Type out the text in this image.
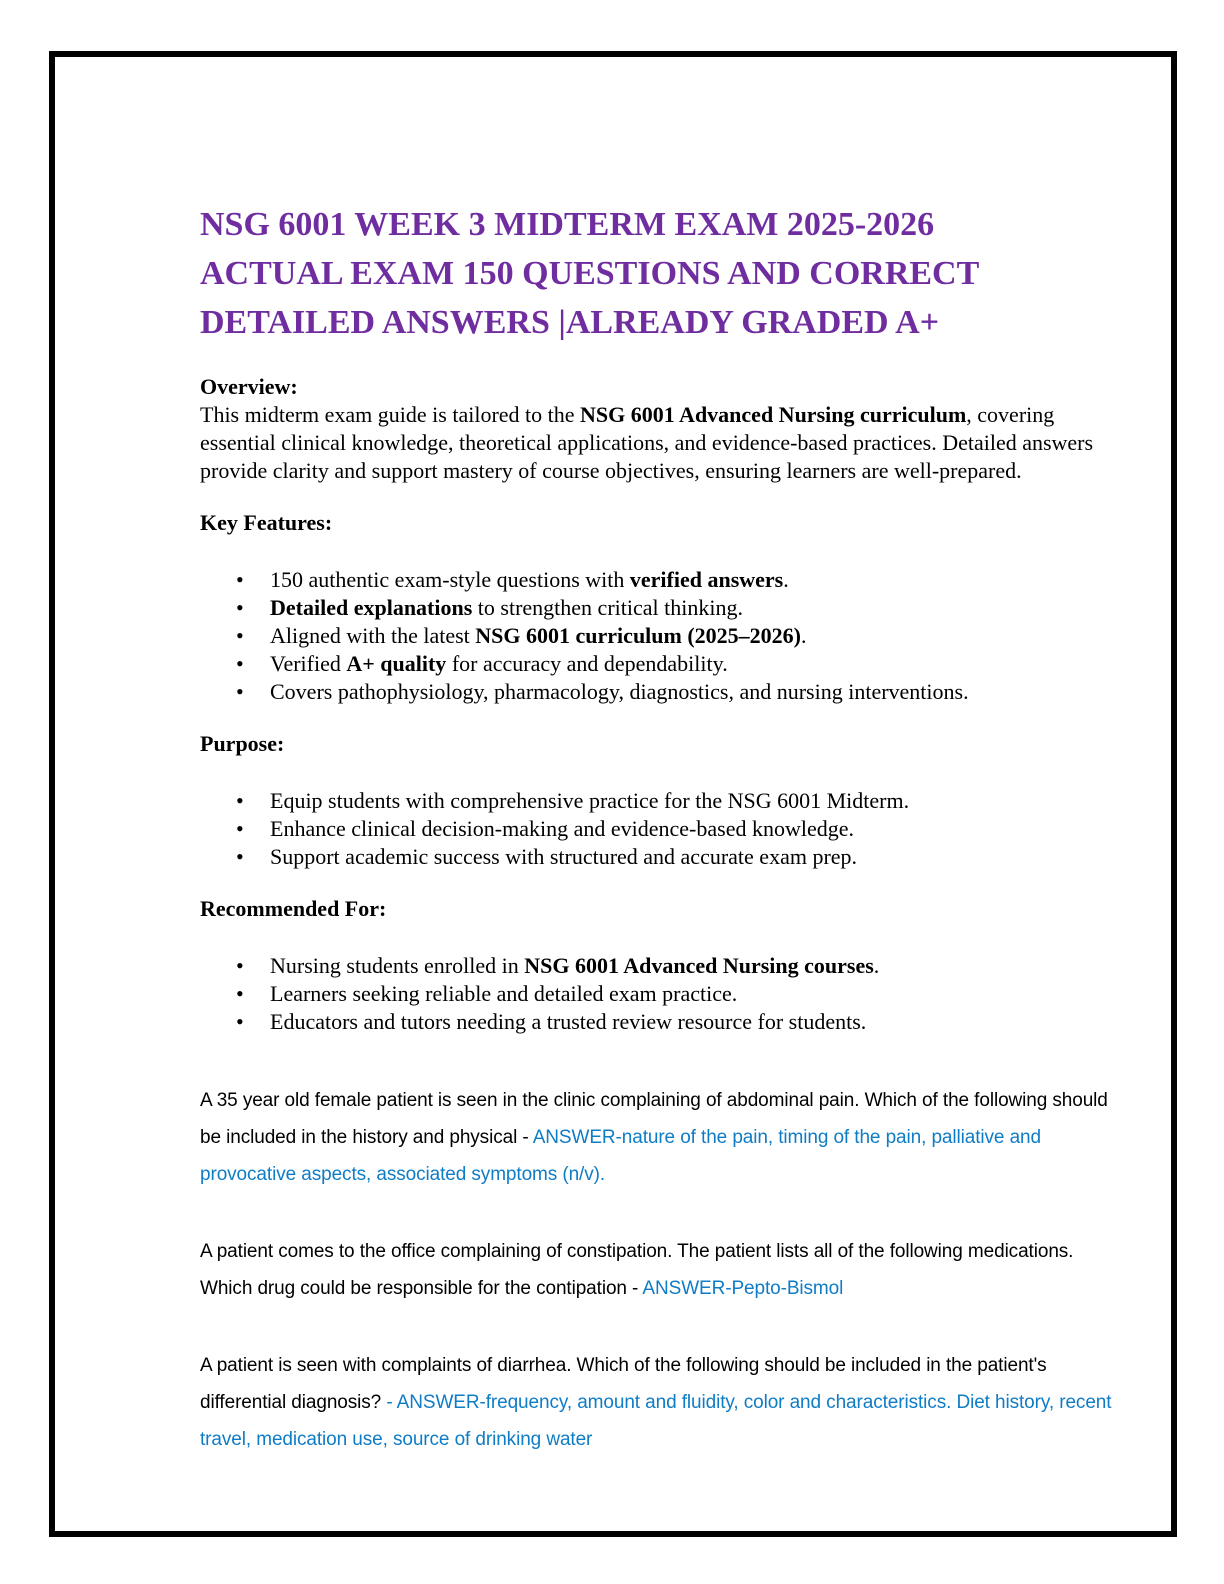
NSG 6001 WEEK 3 MIDTERM EXAM 2025-2026
ACTUAL EXAM 150 QUESTIONS AND CORRECT
DETAILED ANSWERS |ALREADY GRADED A+
Overview:

This midterm exam guide is tailored to the NSG 6001 Advanced Nursing curriculum, covering essential clinical knowledge, theoretical applications, and evidence-based practices. Detailed answers provide clarity and support mastery of course objectives, ensuring learners are well-prepared.

Key Features:
• 150 authentic exam-style questions with verified answers.
• Detailed explanations to strengthen critical thinking.
• Aligned with the latest NSG 6001 curriculum (2025–2026).
• Verified A+ quality for accuracy and dependability.
• Covers pathophysiology, pharmacology, diagnostics, and nursing interventions.
Purpose:
• Equip students with comprehensive practice for the NSG 6001 Midterm.
• Enhance clinical decision-making and evidence-based knowledge.
• Support academic success with structured and accurate exam prep.
Recommended For:
• Nursing students enrolled in NSG 6001 Advanced Nursing courses.
• Learners seeking reliable and detailed exam practice.
• Educators and tutors needing a trusted review resource for students.

A 35 year old female patient is seen in the clinic complaining of abdominal pain. Which of the following should be included in the history and physical - ANSWER-nature of the pain, timing of the pain, palliative and provocative aspects, associated symptoms (n/v).

A patient comes to the office complaining of constipation. The patient lists all of the following medications. Which drug could be responsible for the contipation - ANSWER-Pepto-Bismol

A patient is seen with complaints of diarrhea. Which of the following should be included in the patient's differential diagnosis? - ANSWER-frequency, amount and fluidity, color and characteristics. Diet history, recent travel, medication use, source of drinking water
